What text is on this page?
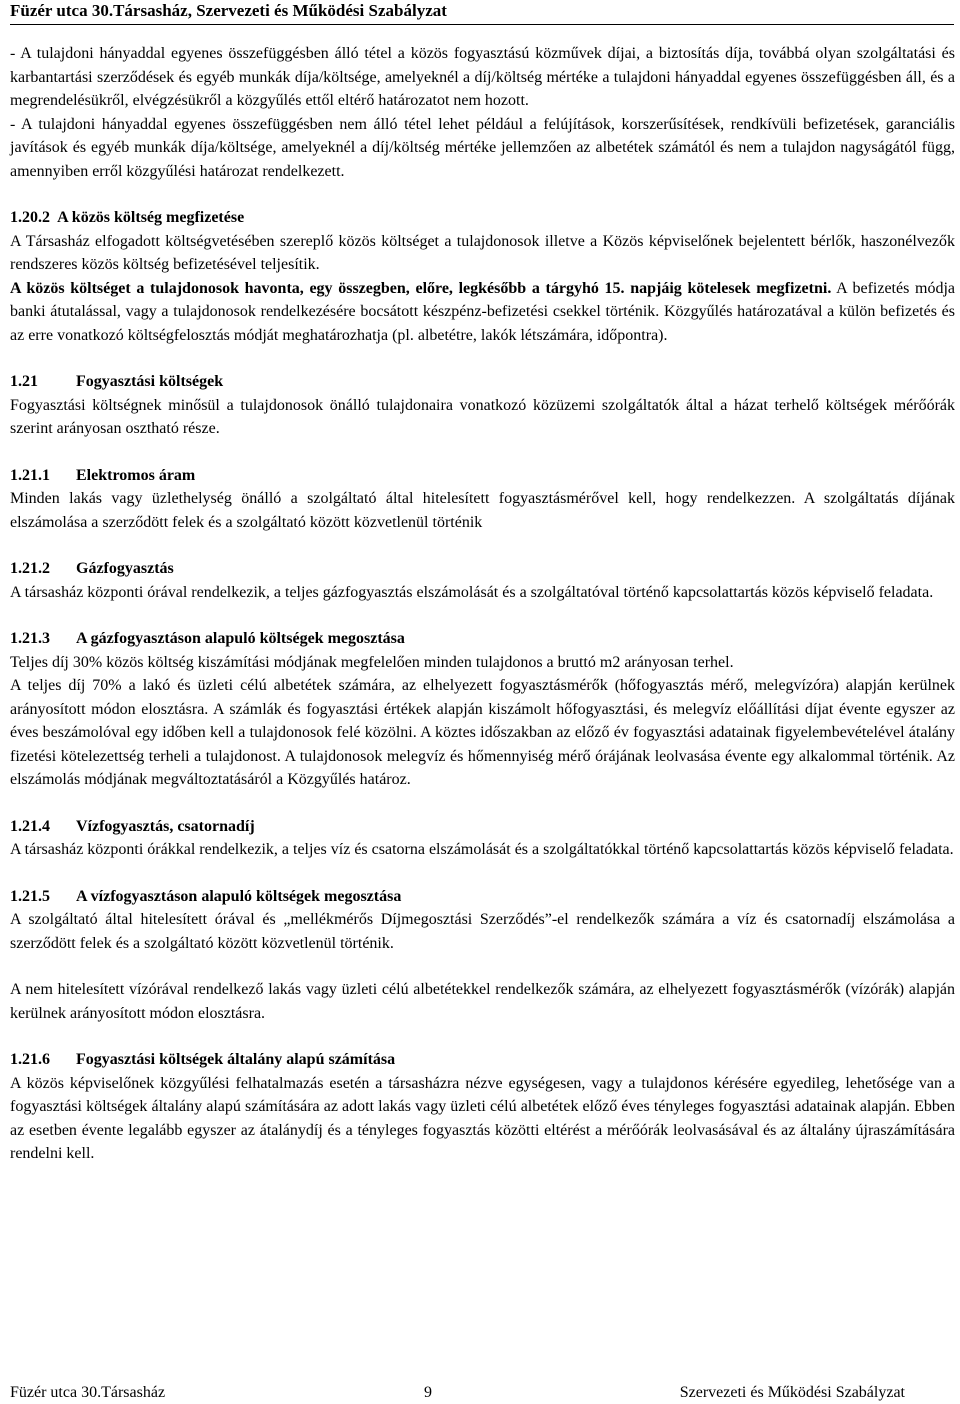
Füzér utca 30.Társasház, Szervezeti és Működési Szabályzat

- A tulajdoni hányaddal egyenes összefüggésben álló tétel a közös fogyasztású közművek díjai, a biztosítás díja, továbbá olyan szolgáltatási és karbantartási szerződések és egyéb munkák díja/költsége, amelyeknél a díj/költség mértéke a tulajdoni hányaddal egyenes összefüggésben áll, és a megrendelésükről, elvégzésükről a közgyűlés ettől eltérő határozatot nem hozott.

- A tulajdoni hányaddal egyenes összefüggésben nem álló tétel lehet például a felújítások, korszerűsítések, rendkívüli befizetések, garanciális javítások és egyéb munkák díja/költsége, amelyeknél a díj/költség mértéke jellemzően az albetétek számától és nem a tulajdon nagyságától függ, amennyiben erről közgyűlési határozat rendelkezett.

1.20.2 A közös költség megfizetése

A Társasház elfogadott költségvetésében szereplő közös költséget a tulajdonosok illetve a Közös képviselőnek bejelentett bérlők, haszonélvezők rendszeres közös költség befizetésével teljesítik.

A közös költséget a tulajdonosok havonta, egy összegben, előre, legkésőbb a tárgyhó 15. napjáig kötelesek megfizetni. A befizetés módja banki átutalással, vagy a tulajdonosok rendelkezésére bocsátott készpénz-befizetési csekkel történik. Közgyűlés határozatával a külön befizetés és az erre vonatkozó költségfelosztás módját meghatározhatja (pl. albetétre, lakók létszámára, időpontra).

1.21 Fogyasztási költségek

Fogyasztási költségnek minősül a tulajdonosok önálló tulajdonaira vonatkozó közüzemi szolgáltatók által a házat terhelő költségek mérőórák szerint arányosan osztható része.

1.21.1 Elektromos áram

Minden lakás vagy üzlethelység önálló a szolgáltató által hitelesített fogyasztásmérővel kell, hogy rendelkezzen. A szolgáltatás díjának elszámolása a szerződött felek és a szolgáltató között közvetlenül történik

1.21.2 Gázfogyasztás

A társasház központi órával rendelkezik, a teljes gázfogyasztás elszámolását és a szolgáltatóval történő kapcsolattartás közös képviselő feladata.

1.21.3 A gázfogyasztáson alapuló költségek megosztása

Teljes díj 30% közös költség kiszámítási módjának megfelelően minden tulajdonos a bruttó m2 arányosan terhel.

A teljes díj 70% a lakó és üzleti célú albetétek számára, az elhelyezett fogyasztásmérők (hőfogyasztás mérő, melegvízóra) alapján kerülnek arányosított módon elosztásra. A számlák és fogyasztási értékek alapján kiszámolt hőfogyasztási, és melegvíz előállítási díjat évente egyszer az éves beszámolóval egy időben kell a tulajdonosok felé közölni. A köztes időszakban az előző év fogyasztási adatainak figyelembevételével átalány fizetési kötelezettség terheli a tulajdonost. A tulajdonosok melegvíz és hőmennyiség mérő órájának leolvasása évente egy alkalommal történik. Az elszámolás módjának megváltoztatásáról a Közgyűlés határoz.

1.21.4 Vízfogyasztás, csatornadíj

A társasház központi órákkal rendelkezik, a teljes víz és csatorna elszámolását és a szolgáltatókkal történő kapcsolattartás közös képviselő feladata.

1.21.5 A vízfogyasztáson alapuló költségek megosztása

A szolgáltató által hitelesített órával és „mellékmérős Díjmegosztási Szerződés”-el rendelkezők számára a víz és csatornadíj elszámolása a szerződött felek és a szolgáltató között közvetlenül történik.

A nem hitelesített vízórával rendelkező lakás vagy üzleti célú albetétekkel rendelkezők számára, az elhelyezett fogyasztásmérők (vízórák) alapján kerülnek arányosított módon elosztásra.

1.21.6 Fogyasztási költségek általány alapú számítása

A közös képviselőnek közgyűlési felhatalmazás esetén a társasházra nézve egységesen, vagy a tulajdonos kérésére egyedileg, lehetősége van a fogyasztási költségek általány alapú számítására az adott lakás vagy üzleti célú albetétek előző éves tényleges fogyasztási adatainak alapján. Ebben az esetben évente legalább egyszer az átalánydíj és a tényleges fogyasztás közötti eltérést a mérőórák leolvasásával és az általány újraszámítására rendelni kell.

Füzér utca 30.Társasház	9	Szervezeti és Működési Szabályzat
